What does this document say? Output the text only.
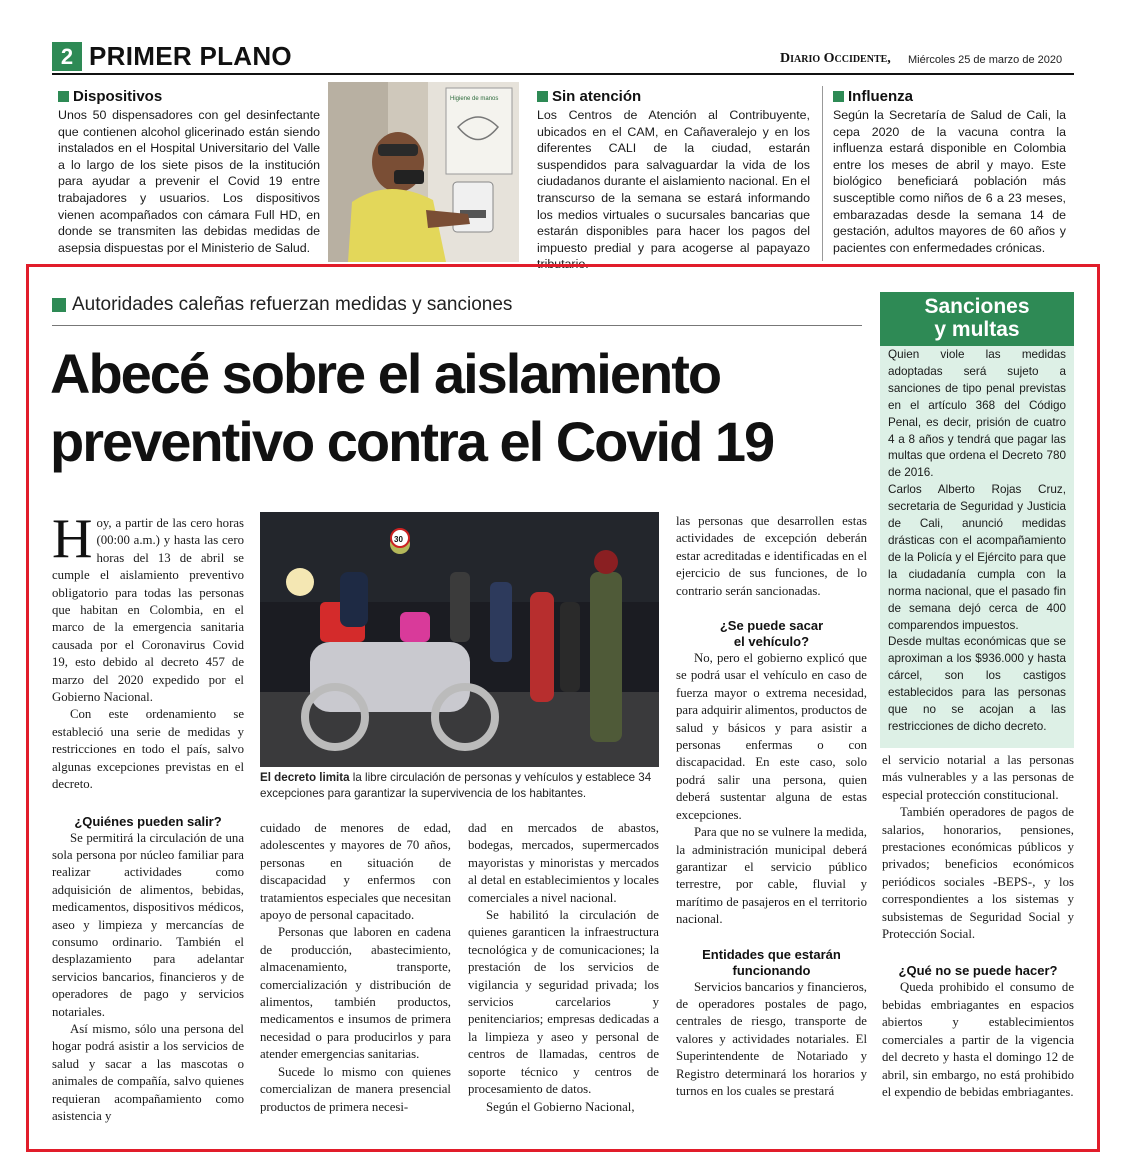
2 PRIMER PLANO	Diario Occidente, Miércoles 25 de marzo de 2020
Dispositivos
Unos 50 dispensadores con gel desinfectante que contienen alcohol glicerinado están siendo instalados en el Hospital Universitario del Valle a lo largo de los siete pisos de la institución para ayudar a prevenir el Covid 19 entre trabajadores y usuarios. Los dispositivos vienen acompañados con cámara Full HD, en donde se transmiten las debidas medidas de asepsia dispuestas por el Ministerio de Salud.
Higiene de manos	Sin atención
Los Centros de Atención al Contribuyente, ubicados en el CAM, en Cañaveralejo y en los diferentes CALI de la ciudad, estarán suspendidos para salvaguardar la vida de los ciudadanos durante el aislamiento nacional. En el transcurso de la semana se estará informando los medios virtuales o sucursales bancarias que estarán disponibles para hacer los pagos del impuesto predial y para acogerse al papayazo tributario.
Influenza
Según la Secretaría de Salud de Cali, la cepa 2020 de la vacuna contra la influenza estará disponible en Colombia entre los meses de abril y mayo. Este biológico beneficiará población más susceptible como niños de 6 a 23 meses, embarazadas desde la semana 14 de gestación, adultos mayores de 60 años y pacientes con enfermedades crónicas.
Autoridades caleñas refuerzan medidas y sanciones
Abecé sobre el aislamiento
preventivo contra el Covid 19

Hoy, a partir de las cero horas (00:00 a.m.) y hasta las cero horas del 13 de abril se cumple el aislamiento preventivo obligatorio para todas las personas que habitan en Colombia, en el marco de la emergencia sanitaria causada por el Coronavirus Covid 19, esto debido al decreto 457 de marzo del 2020 expedido por el Gobierno Nacional.

Con este ordenamiento se estableció una serie de medidas y restricciones en todo el país, salvo algunas excepciones previstas en el decreto.

¿Quiénes pueden salir?

Se permitirá la circulación de una sola persona por núcleo familiar para realizar actividades como adquisición de alimentos, bebidas, medicamentos, dispositivos médicos, aseo y limpieza y mercancías de consumo ordinario. También el desplazamiento para adelantar servicios bancarios, financieros y de operadores de pago y servicios notariales.

Así mismo, sólo una persona del hogar podrá asistir a los servicios de salud y sacar a las mascotas o animales de compañía, salvo quienes requieran acompañamiento como asistencia y

30
El decreto limita la libre circulación de personas y vehículos y establece 34 excepciones para garantizar la supervivencia de los habitantes.

cuidado de menores de edad, adolescentes y mayores de 70 años, personas en situación de discapacidad y enfermos con tratamientos especiales que necesitan apoyo de personal capacitado.

Personas que laboren en cadena de producción, abastecimiento, almacenamiento, transporte, comercialización y distribución de alimentos, también productos, medicamentos e insumos de primera necesidad o para producirlos y para atender emergencias sanitarias.

Sucede lo mismo con quienes comercializan de manera presencial productos de primera necesi-

dad en mercados de abastos, bodegas, mercados, supermercados mayoristas y minoristas y mercados al detal en establecimientos y locales comerciales a nivel nacional.

Se habilitó la circulación de quienes garanticen la infraestructura tecnológica y de comunicaciones; la prestación de los servicios de vigilancia y seguridad privada; los servicios carcelarios y penitenciarios; empresas dedicadas a la limpieza y aseo y personal de centros de llamadas, centros de soporte técnico y centros de procesamiento de datos.

Según el Gobierno Nacional,

las personas que desarrollen estas actividades de excepción deberán estar acreditadas e identificadas en el ejercicio de sus funciones, de lo contrario serán sancionadas.

¿Se puede sacar
el vehículo?

No, pero el gobierno explicó que se podrá usar el vehículo en caso de fuerza mayor o extrema necesidad, para adquirir alimentos, productos de salud y básicos y para asistir a personas enfermas o con discapacidad. En este caso, solo podrá salir una persona, quien deberá sustentar alguna de estas excepciones.

Para que no se vulnere la medida, la administración municipal deberá garantizar el servicio público terrestre, por cable, fluvial y marítimo de pasajeros en el territorio nacional.

Entidades que estarán
funcionando

Servicios bancarios y financieros, de operadores postales de pago, centrales de riesgo, transporte de valores y actividades notariales. El Superintendente de Notariado y Registro determinará los horarios y turnos en los cuales se prestará

Sanciones
y multas

Quien viole las medidas adoptadas será sujeto a sanciones de tipo penal previstas en el artículo 368 del Código Penal, es decir, prisión de cuatro 4 a 8 años y tendrá que pagar las multas que ordena el Decreto 780 de 2016.

Carlos Alberto Rojas Cruz, secretaria de Seguridad y Justicia de Cali, anunció medidas drásticas con el acompañamiento de la Policía y el Ejército para que la ciudadanía cumpla con la norma nacional, que el pasado fin de semana dejó cerca de 400 comparendos impuestos.

Desde multas económicas que se aproximan a los $936.000 y hasta cárcel, son los castigos establecidos para las personas que no se acojan a las restricciones de dicho decreto.

el servicio notarial a las personas más vulnerables y a las personas de especial protección constitucional.

También operadores de pagos de salarios, honorarios, pensiones, prestaciones económicas públicos y privados; beneficios económicos periódicos sociales -BEPS-, y los correspondientes a los sistemas y subsistemas de Seguridad Social y Protección Social.

¿Qué no se puede hacer?

Queda prohibido el consumo de bebidas embriagantes en espacios abiertos y establecimientos comerciales a partir de la vigencia del decreto y hasta el domingo 12 de abril, sin embargo, no está prohibido el expendio de bebidas embriagantes.
